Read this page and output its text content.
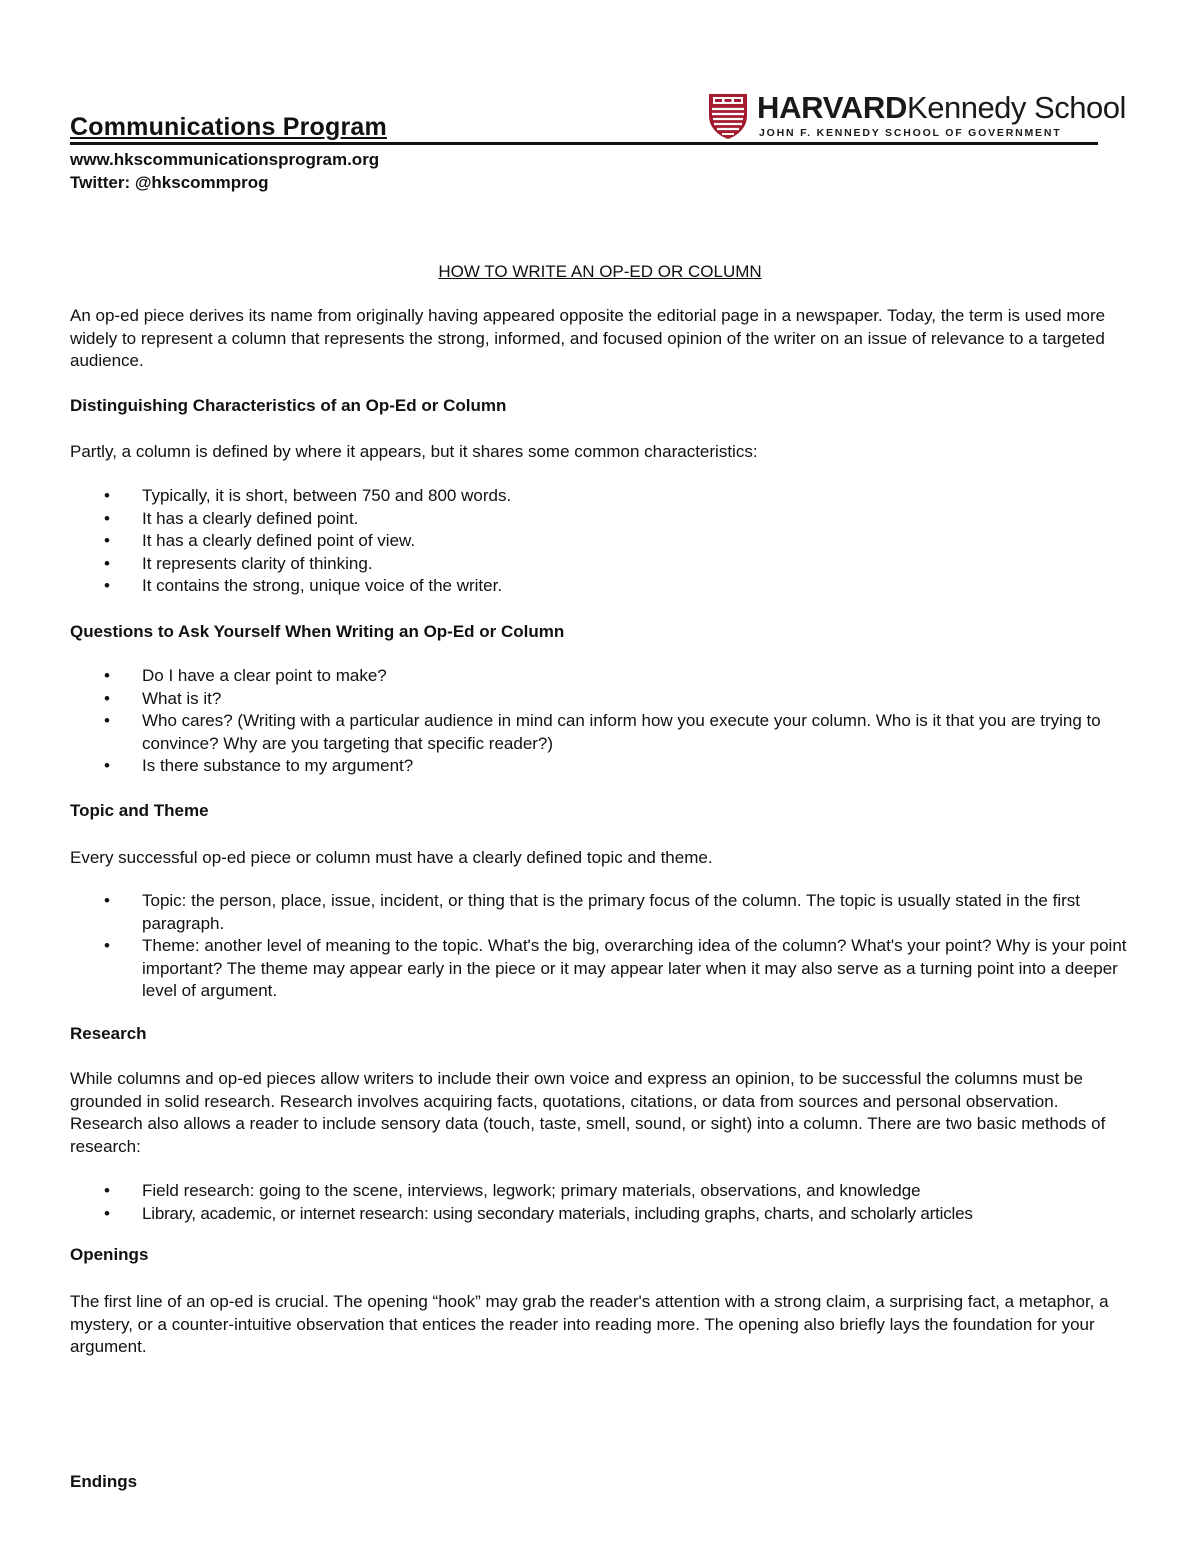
Communications Program
www.hkscommunicationsprogram.org
Twitter: @hkscommprog
HARVARDKennedy School
JOHN F. KENNEDY SCHOOL OF GOVERNMENT
HOW TO WRITE AN OP-ED OR COLUMN

An op-ed piece derives its name from originally having appeared opposite the editorial page in a newspaper. Today, the term is used more widely to represent a column that represents the strong, informed, and focused opinion of the writer on an issue of relevance to a targeted audience.

Distinguishing Characteristics of an Op-Ed or Column

Partly, a column is defined by where it appears, but it shares some common characteristics:

• Typically, it is short, between 750 and 800 words.
• It has a clearly defined point.
• It has a clearly defined point of view.
• It represents clarity of thinking.
• It contains the strong, unique voice of the writer.
Questions to Ask Yourself When Writing an Op-Ed or Column
• Do I have a clear point to make?
• What is it?
• Who cares? (Writing with a particular audience in mind can inform how you execute your column. Who is it that you are trying to convince? Why are you targeting that specific reader?)
• Is there substance to my argument?
Topic and Theme

Every successful op-ed piece or column must have a clearly defined topic and theme.

• Topic: the person, place, issue, incident, or thing that is the primary focus of the column. The topic is usually stated in the first paragraph.
• Theme: another level of meaning to the topic. What's the big, overarching idea of the column? What's your point? Why is your point important? The theme may appear early in the piece or it may appear later when it may also serve as a turning point into a deeper level of argument.
Research

While columns and op-ed pieces allow writers to include their own voice and express an opinion, to be successful the columns must be grounded in solid research. Research involves acquiring facts, quotations, citations, or data from sources and personal observation. Research also allows a reader to include sensory data (touch, taste, smell, sound, or sight) into a column. There are two basic methods of research:

• Field research: going to the scene, interviews, legwork; primary materials, observations, and knowledge
• Library, academic, or internet research: using secondary materials, including graphs, charts, and scholarly articles
Openings

The first line of an op-ed is crucial. The opening “hook” may grab the reader's attention with a strong claim, a surprising fact, a metaphor, a mystery, or a counter-intuitive observation that entices the reader into reading more. The opening also briefly lays the foundation for your argument.

Endings
